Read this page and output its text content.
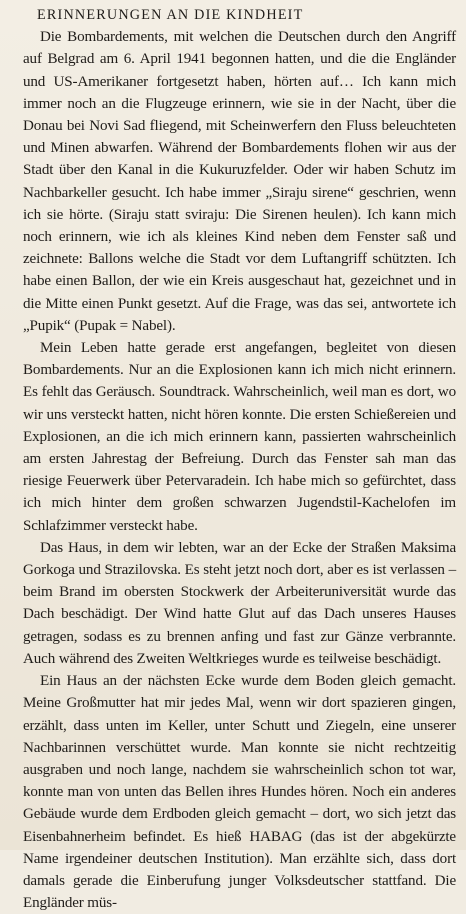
ERINNERUNGEN AN DIE KINDHEIT

Die Bombardements, mit welchen die Deutschen durch den Angriff auf Belgrad am 6. April 1941 begonnen hatten, und die die Engländer und US-Amerikaner fortgesetzt haben, hörten auf… Ich kann mich immer noch an die Flugzeuge erinnern, wie sie in der Nacht, über die Donau bei Novi Sad fliegend, mit Scheinwerfern den Fluss beleuchteten und Minen abwarfen. Während der Bombardements flohen wir aus der Stadt über den Kanal in die Kukuruzfelder. Oder wir haben Schutz im Nachbarkeller gesucht. Ich habe immer „Siraju sirene“ geschrien, wenn ich sie hörte. (Siraju statt sviraju: Die Sirenen heulen). Ich kann mich noch erinnern, wie ich als kleines Kind neben dem Fenster saß und zeichnete: Ballons welche die Stadt vor dem Luftangriff schützten. Ich habe einen Ballon, der wie ein Kreis ausgeschaut hat, gezeichnet und in die Mitte einen Punkt gesetzt. Auf die Frage, was das sei, antwortete ich „Pupik“ (Pupak = Nabel).

Mein Leben hatte gerade erst angefangen, begleitet von diesen Bombardements. Nur an die Explosionen kann ich mich nicht erinnern. Es fehlt das Geräusch. Soundtrack. Wahrscheinlich, weil man es dort, wo wir uns versteckt hatten, nicht hören konnte. Die ersten Schießereien und Explosionen, an die ich mich erinnern kann, passierten wahrscheinlich am ersten Jahrestag der Befreiung. Durch das Fenster sah man das riesige Feuerwerk über Petervaradein. Ich habe mich so gefürchtet, dass ich mich hinter dem großen schwarzen Jugendstil-Kachelofen im Schlafzimmer versteckt habe.

Das Haus, in dem wir lebten, war an der Ecke der Straßen Maksima Gorkoga und Strazilovska. Es steht jetzt noch dort, aber es ist verlassen – beim Brand im obersten Stockwerk der Arbeiteruniversität wurde das Dach beschädigt. Der Wind hatte Glut auf das Dach unseres Hauses getragen, sodass es zu brennen anfing und fast zur Gänze verbrannte. Auch während des Zweiten Weltkrieges wurde es teilweise beschädigt.

Ein Haus an der nächsten Ecke wurde dem Boden gleich gemacht. Meine Großmutter hat mir jedes Mal, wenn wir dort spazieren gingen, erzählt, dass unten im Keller, unter Schutt und Ziegeln, eine unserer Nachbarinnen verschüttet wurde. Man konnte sie nicht rechtzeitig ausgraben und noch lange, nachdem sie wahrscheinlich schon tot war, konnte man von unten das Bellen ihres Hundes hören. Noch ein anderes Gebäude wurde dem Erdboden gleich gemacht – dort, wo sich jetzt das Eisenbahnerheim befindet. Es hieß HABAG (das ist der abgekürzte Name irgendeiner deutschen Institution). Man erzählte sich, dass dort damals gerade die Einberufung junger Volksdeutscher stattfand. Die Engländer müs-
